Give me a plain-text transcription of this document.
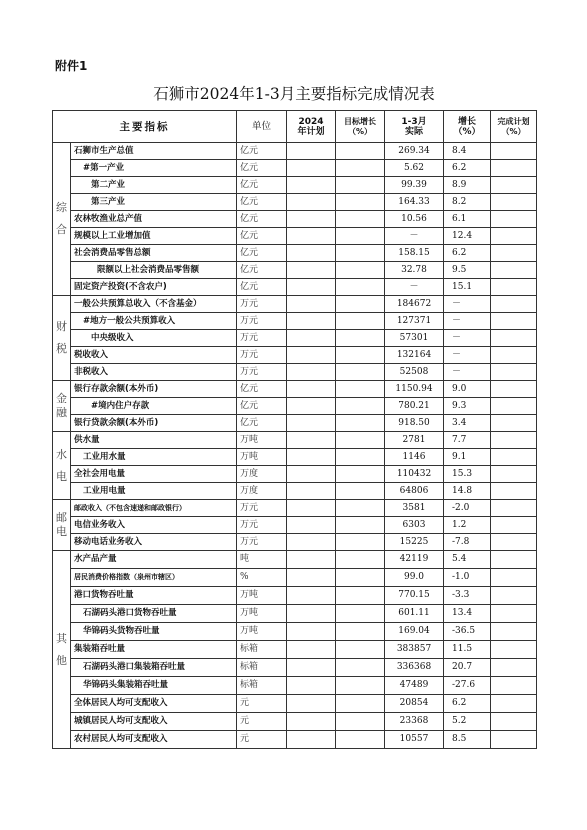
附件1
石狮市2024年1-3月主要指标完成情况表
主要指标		单位	2024年计划	目标增长（%）	1-3月实际	增长（%）	完成计划（%）
综合	石狮市生产总值	亿元			269.34	8.4	
	#第一产业	亿元			5.62	6.2	
	第二产业	亿元			99.39	8.9	
	第三产业	亿元			164.33	8.2	
	农林牧渔业总产值	亿元			10.56	6.1	
	规模以上工业增加值	亿元			－	12.4	
	社会消费品零售总额	亿元			158.15	6.2	
	限额以上社会消费品零售额	亿元			32.78	9.5	
	固定资产投资(不含农户)	亿元			－	15.1	
财税	一般公共预算总收入（不含基金）	万元			184672	－	
	#地方一般公共预算收入	万元			127371	－	
	中央级收入	万元			57301	－	
	税收收入	万元			132164	－	
	非税收入	万元			52508	－	
金融	银行存款余额(本外币)	亿元			1150.94	9.0	
	#境内住户存款	亿元			780.21	9.3	
	银行贷款余额(本外币)	亿元			918.50	3.4	
水电	供水量	万吨			2781	7.7	
	工业用水量	万吨			1146	9.1	
	全社会用电量	万度			110432	15.3	
	工业用电量	万度			64806	14.8	
邮电	邮政收入（不包含速递和邮政银行）	万元			3581	-2.0	
	电信业务收入	万元			6303	1.2	
	移动电话业务收入	万元			15225	-7.8	
其他	水产品产量	吨			42119	5.4	
	居民消费价格指数（泉州市辖区）	%			99.0	-1.0	
	港口货物吞吐量	万吨			770.15	-3.3	
	石湖码头港口货物吞吐量	万吨			601.11	13.4	
	华锦码头货物吞吐量	万吨			169.04	-36.5	
	集装箱吞吐量	标箱			383857	11.5	
	石湖码头港口集装箱吞吐量	标箱			336368	20.7	
	华锦码头集装箱吞吐量	标箱			47489	-27.6	
	全体居民人均可支配收入	元			20854	6.2	
	城镇居民人均可支配收入	元			23368	5.2	
	农村居民人均可支配收入	元			10557	8.5	
